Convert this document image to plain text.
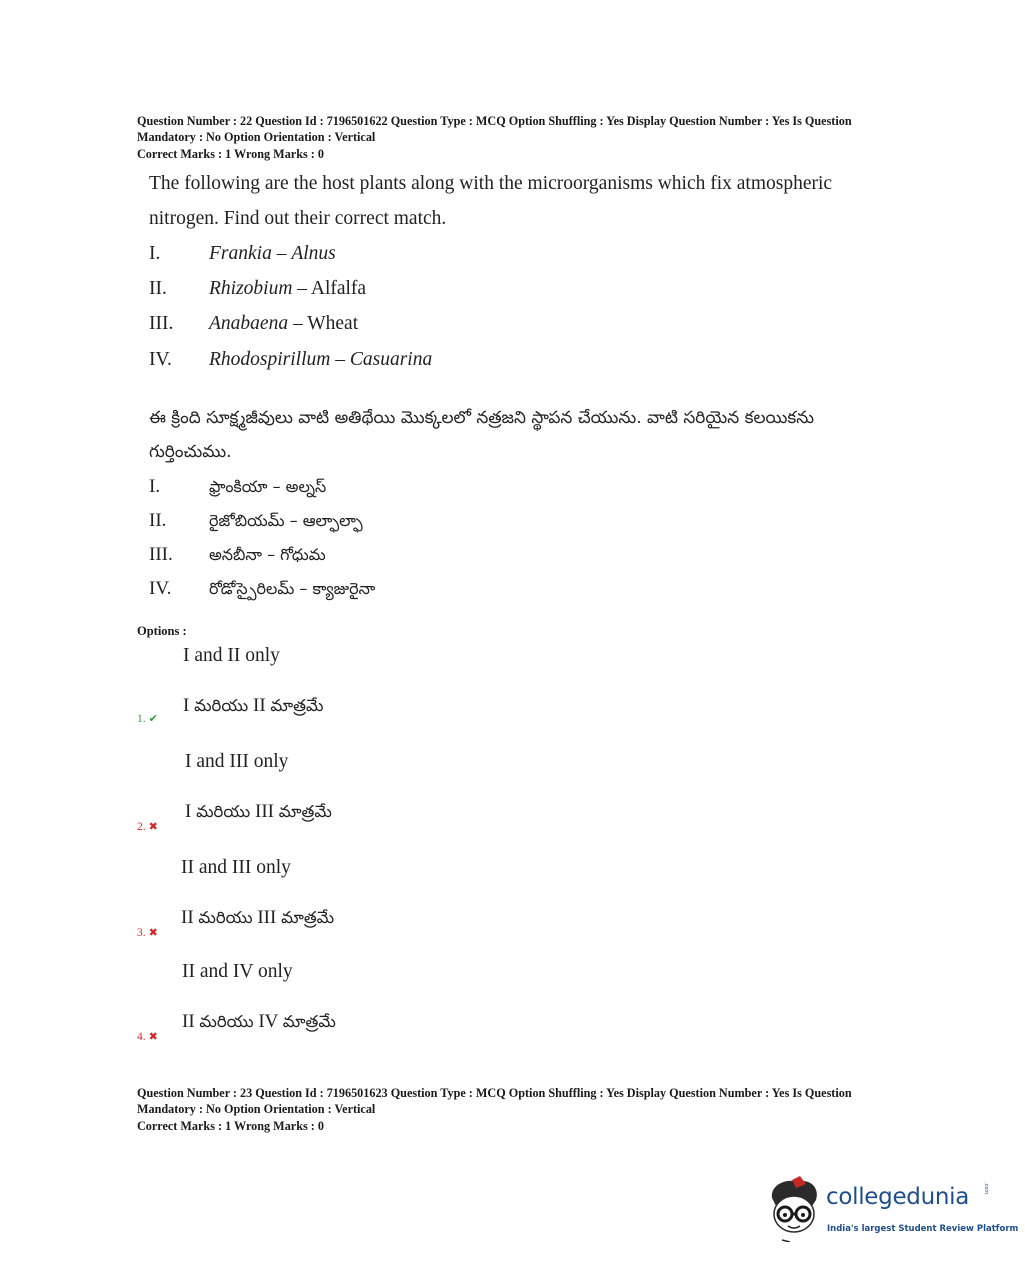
Question Number : 22 Question Id : 7196501622 Question Type : MCQ Option Shuffling : Yes Display Question Number : Yes Is Question
Mandatory : No Option Orientation : Vertical
Correct Marks : 1 Wrong Marks : 0
The following are the host plants along with the microorganisms which fix atmospheric
nitrogen. Find out their correct match.
I. Frankia – Alnus
II. Rhizobium – Alfalfa
III. Anabaena – Wheat
IV. Rhodospirillum – Casuarina
ఈ క్రింది సూక్ష్మజీవులు వాటి అతిథేయి మొక్కలలో నత్రజని స్థాపన చేయును. వాటి సరియైన కలయికను
గుర్తించుము.
I.	ఫ్రాంకియా – అల్నస్
II.	రైజోబియమ్ – ఆల్ఫాల్ఫా
III. అనబీనా – గోధుమ
IV. రోడోస్పైరిలమ్ – క్యాజురైనా
Options :
I and II only
I మరియు II మాత్రమే
1. ✔
I and III only
I మరియు III మాత్రమే
2. ✖
II and III only
II మరియు III మాత్రమే
3. ✖
II and IV only
II మరియు IV మాత్రమే
4. ✖
Question Number : 23 Question Id : 7196501623 Question Type : MCQ Option Shuffling : Yes Display Question Number : Yes Is Question
Mandatory : No Option Orientation : Vertical
Correct Marks : 1 Wrong Marks : 0
collegedunia	.com
India's largest Student Review Platform
